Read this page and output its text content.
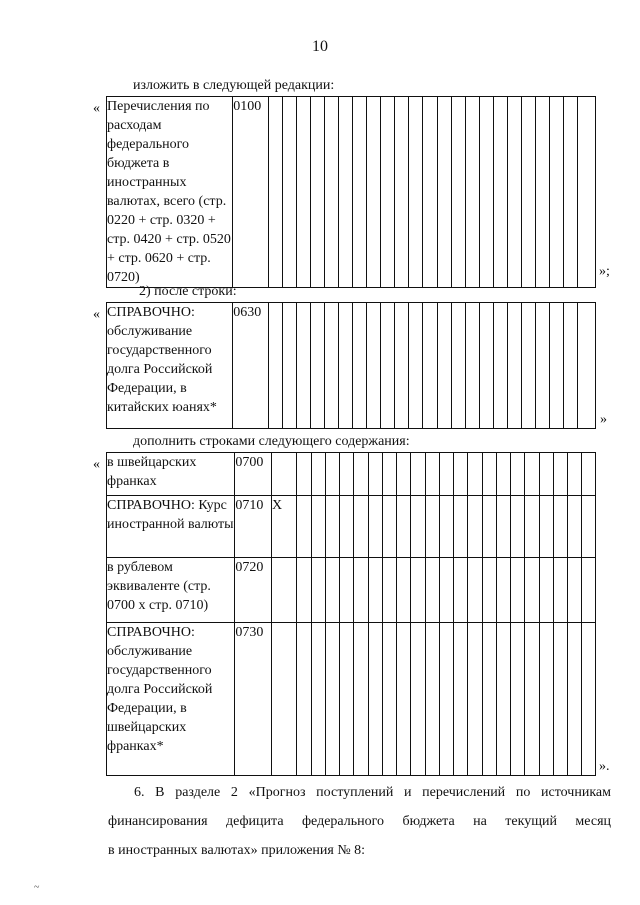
10
изложить в следующей редакции:
« Перечисления по расходам федерального бюджета в иностранных валютах, всего (стр. 0220 + стр. 0320 + стр. 0420 + стр. 0520 + стр. 0620 + стр. 0720)	0100																							
»;
2) после строки:
« СПРАВОЧНО: обслуживание государственного долга Российской Федерации, в китайских юанях*	0630																							
»
дополнить строками следующего содержания:
« в швейцарских франках	0700																						
СПРАВОЧНО: Курс иностранной валюты	0710	X																					
в рублевом эквиваленте (стр. 0700 х стр. 0710)	0720																						
СПРАВОЧНО: обслуживание государственного долга Российской Федерации, в швейцарских франках*	0730																						
».
6. В разделе 2 «Прогноз поступлений и перечислений по источникам
финансирования дефицита федерального бюджета на текущий месяц
в иностранных валютах» приложения № 8:
~
